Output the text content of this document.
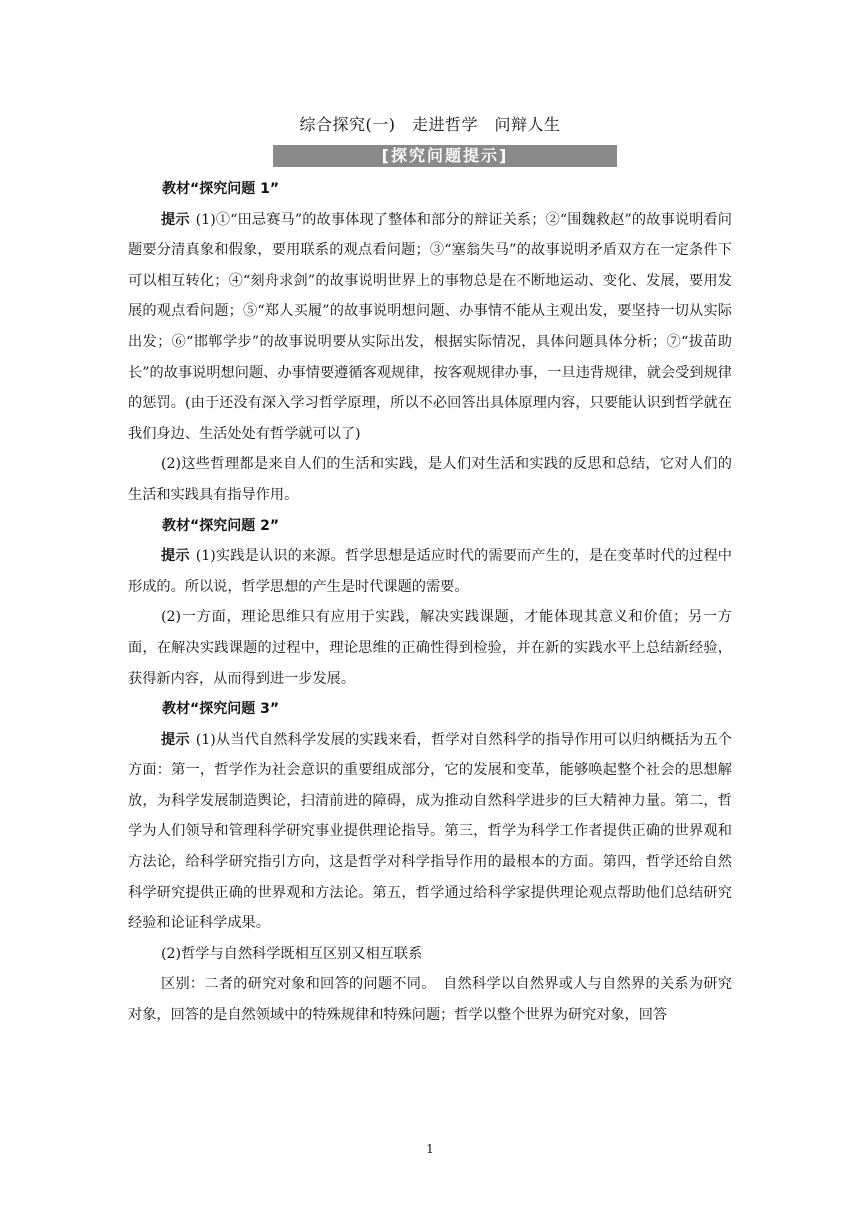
综合探究(一)　走进哲学　问辩人生
[探究问题提示]

教材“探究问题 1”

提示 (1)①“田忌赛马”的故事体现了整体和部分的辩证关系；②“围魏救赵”的故事说明看问题要分清真象和假象，要用联系的观点看问题；③“塞翁失马”的故事说明矛盾双方在一定条件下可以相互转化；④“刻舟求剑”的故事说明世界上的事物总是在不断地运动、变化、发展，要用发展的观点看问题；⑤“郑人买履”的故事说明想问题、办事情不能从主观出发，要坚持一切从实际出发；⑥“邯郸学步”的故事说明要从实际出发，根据实际情况，具体问题具体分析；⑦“拔苗助长”的故事说明想问题、办事情要遵循客观规律，按客观规律办事，一旦违背规律，就会受到规律的惩罚。(由于还没有深入学习哲学原理，所以不必回答出具体原理内容，只要能认识到哲学就在我们身边、生活处处有哲学就可以了)

(2)这些哲理都是来自人们的生活和实践，是人们对生活和实践的反思和总结，它对人们的生活和实践具有指导作用。

教材“探究问题 2”

提示 (1)实践是认识的来源。哲学思想是适应时代的需要而产生的，是在变革时代的过程中形成的。所以说，哲学思想的产生是时代课题的需要。

(2)一方面，理论思维只有应用于实践，解决实践课题，才能体现其意义和价值；另一方面，在解决实践课题的过程中，理论思维的正确性得到检验，并在新的实践水平上总结新经验，获得新内容，从而得到进一步发展。

教材“探究问题 3”

提示 (1)从当代自然科学发展的实践来看，哲学对自然科学的指导作用可以归纳概括为五个方面：第一，哲学作为社会意识的重要组成部分，它的发展和变革，能够唤起整个社会的思想解放，为科学发展制造舆论，扫清前进的障碍，成为推动自然科学进步的巨大精神力量。第二，哲学为人们领导和管理科学研究事业提供理论指导。第三，哲学为科学工作者提供正确的世界观和方法论，给科学研究指引方向，这是哲学对科学指导作用的最根本的方面。第四，哲学还给自然科学研究提供正确的世界观和方法论。第五，哲学通过给科学家提供理论观点帮助他们总结研究经验和论证科学成果。

(2)哲学与自然科学既相互区别又相互联系

区别：二者的研究对象和回答的问题不同。　自然科学以自然界或人与自然界的关系为研究对象，回答的是自然领域中的特殊规律和特殊问题；哲学以整个世界为研究对象，回答

1
